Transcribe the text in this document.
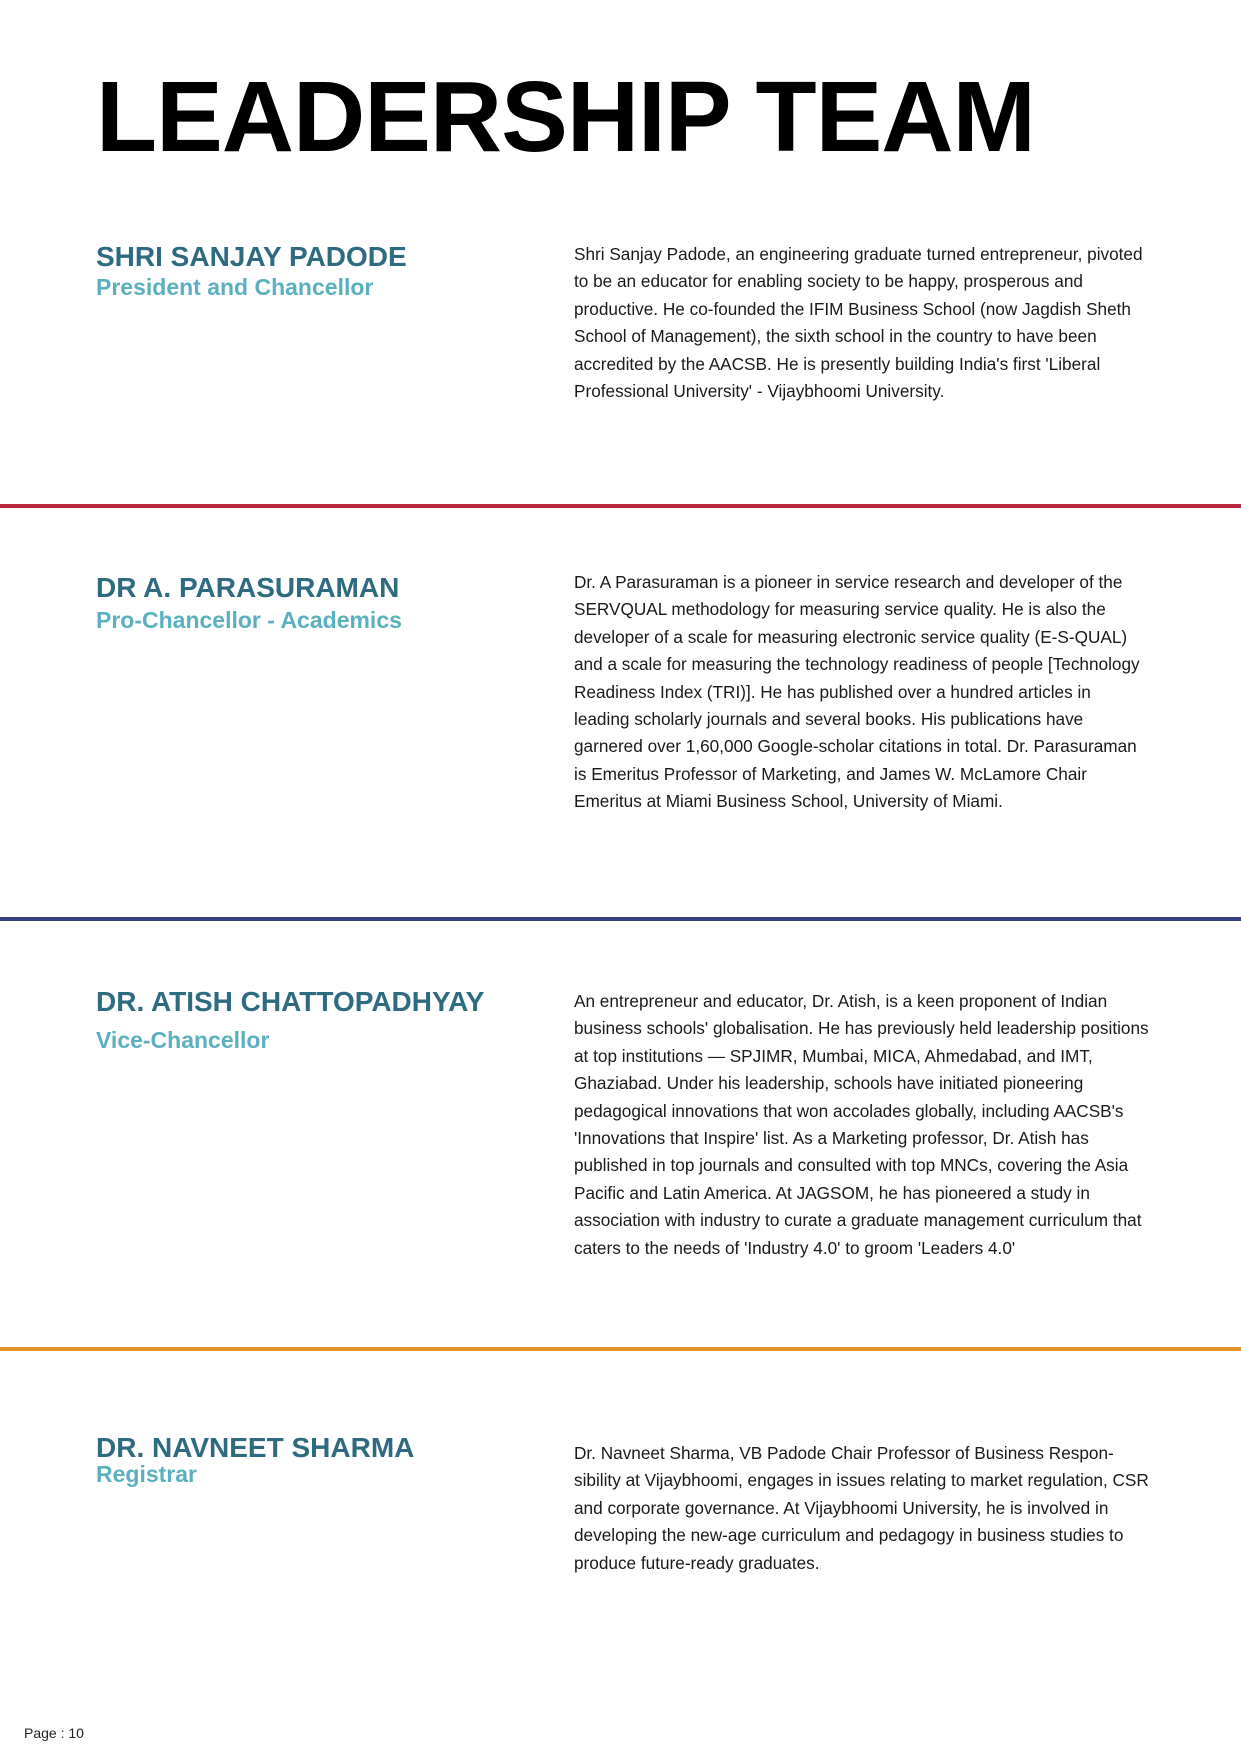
LEADERSHIP TEAM
SHRI SANJAY PADODE

President and Chancellor

Shri Sanjay Padode, an engineering graduate turned entrepreneur, pivoted to be an educator for enabling society to be happy, prosperous and productive. He co-founded the IFIM Business School (now Jagdish Sheth School of Management), the sixth school in the country to have been accredited by the AACSB. He is presently building India's first 'Liberal Professional University' - Vijaybhoomi University.

DR A. PARASURAMAN

Pro-Chancellor - Academics

Dr. A Parasuraman is a pioneer in service research and developer of the SERVQUAL methodology for measuring service quality. He is also the developer of a scale for measuring electronic service quality (E-S-QUAL) and a scale for measuring the technology readiness of people [Technology Readiness Index (TRI)]. He has published over a hundred articles in leading scholarly journals and several books. His publications have garnered over 1,60,000 Google-scholar citations in total. Dr. Parasuraman is Emeritus Professor of Marketing, and James W. McLamore Chair Emeritus at Miami Business School, University of Miami.

DR. ATISH CHATTOPADHYAY

Vice-Chancellor

An entrepreneur and educator, Dr. Atish, is a keen proponent of Indian business schools' globalisation. He has previously held leadership positions at top institutions — SPJIMR, Mumbai, MICA, Ahmedabad, and IMT, Ghaziabad. Under his leadership, schools have initiated pioneering pedagogical innovations that won accolades globally, including AACSB's 'Innovations that Inspire' list. As a Marketing professor, Dr. Atish has published in top journals and consulted with top MNCs, covering the Asia Pacific and Latin America. At JAGSOM, he has pioneered a study in association with industry to curate a graduate management curriculum that caters to the needs of 'Industry 4.0' to groom 'Leaders 4.0'

DR. NAVNEET SHARMA

Registrar

Dr. Navneet Sharma, VB Padode Chair Professor of Business Respon-sibility at Vijaybhoomi, engages in issues relating to market regulation, CSR and corporate governance. At Vijaybhoomi University, he is involved in developing the new-age curriculum and pedagogy in business studies to produce future-ready graduates.

Page : 10
